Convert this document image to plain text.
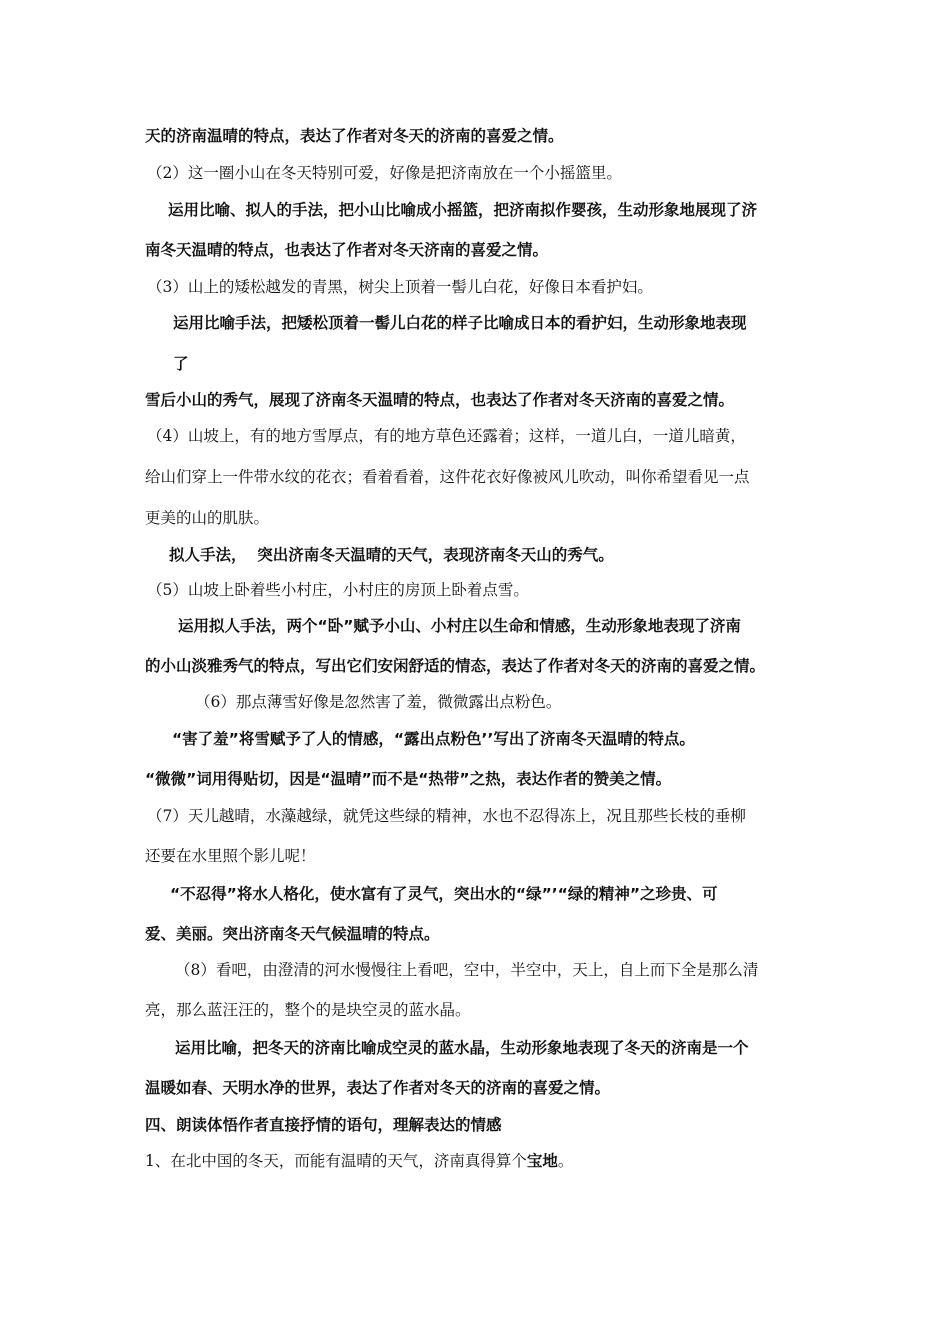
天的济南温晴的特点，表达了作者对冬天的济南的喜爱之情。
（2）这一圈小山在冬天特别可爱，好像是把济南放在一个小摇篮里。
运用比喻、拟人的手法，把小山比喻成小摇篮，把济南拟作婴孩，生动形象地展现了济
南冬天温晴的特点，也表达了作者对冬天济南的喜爱之情。
（3）山上的矮松越发的青黑，树尖上顶着一髻儿白花，好像日本看护妇。
运用比喻手法，把矮松顶着一髻儿白花的样子比喻成日本的看护妇，生动形象地表现
了
雪后小山的秀气，展现了济南冬天温晴的特点，也表达了作者对冬天济南的喜爱之情。
（4）山坡上，有的地方雪厚点，有的地方草色还露着；这样，一道儿白，一道儿暗黄，
给山们穿上一件带水纹的花衣；看着看着，这件花衣好像被风儿吹动，叫你希望看见一点
更美的山的肌肤。
拟人手法，  突出济南冬天温晴的天气，表现济南冬天山的秀气。
（5）山坡上卧着些小村庄，小村庄的房顶上卧着点雪。
运用拟人手法，两个“卧”赋予小山、小村庄以生命和情感，生动形象地表现了济南
的小山淡雅秀气的特点，写出它们安闲舒适的情态，表达了作者对冬天的济南的喜爱之情。
（6）那点薄雪好像是忽然害了羞，微微露出点粉色。
“害了羞”将雪赋予了人的情感，“露出点粉色’’写出了济南冬天温晴的特点。
“微微”词用得贴切，因是“温晴”而不是“热带”之热，表达作者的赞美之情。
（7）天儿越晴，水藻越绿，就凭这些绿的精神，水也不忍得冻上，况且那些长枝的垂柳
还要在水里照个影儿呢！
“不忍得”将水人格化，使水富有了灵气，突出水的“绿”’“绿的精神”之珍贵、可
爱、美丽。突出济南冬天气候温晴的特点。
（8）看吧，由澄清的河水慢慢往上看吧，空中，半空中，天上，自上而下全是那么清
亮，那么蓝汪汪的，整个的是块空灵的蓝水晶。
运用比喻，把冬天的济南比喻成空灵的蓝水晶，生动形象地表现了冬天的济南是一个
温暖如春、天明水净的世界，表达了作者对冬天的济南的喜爱之情。
四、朗读体悟作者直接抒情的语句，理解表达的情感
1、在北中国的冬天，而能有温晴的天气，济南真得算个宝地。
